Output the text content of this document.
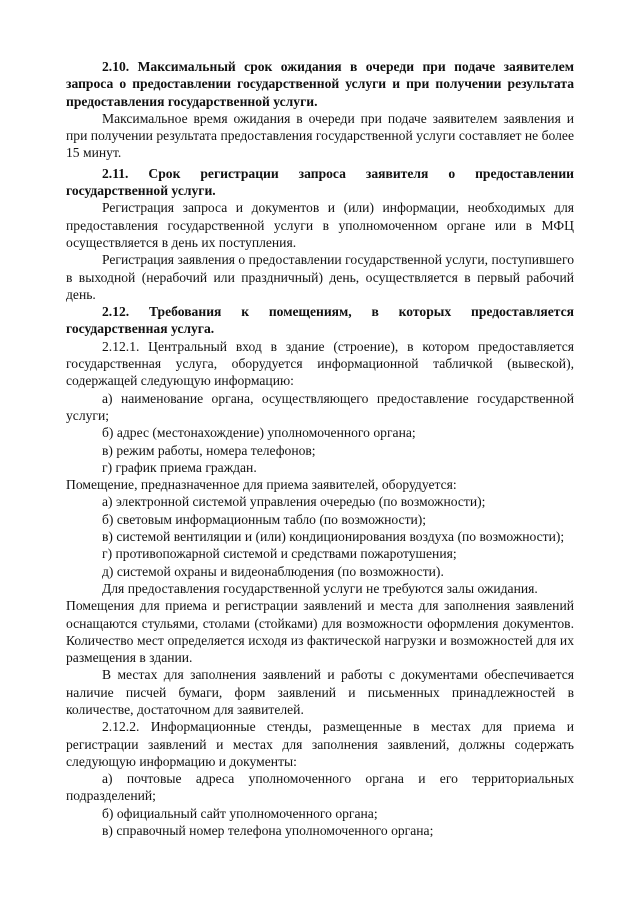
2.10. Максимальный срок ожидания в очереди при подаче заявителем запроса о предоставлении государственной услуги и при получении результата предоставления государственной услуги.

Максимальное время ожидания в очереди при подаче заявителем заявления и при получении результата предоставления государственной услуги составляет не более 15 минут.

2.11. Срок регистрации запроса заявителя о предоставлении государственной услуги.

Регистрация запроса и документов и (или) информации, необходимых для предоставления государственной услуги в уполномоченном органе или в МФЦ осуществляется в день их поступления.

Регистрация заявления о предоставлении государственной услуги, поступившего в выходной (нерабочий или праздничный) день, осуществляется в первый рабочий день.

2.12. Требования к помещениям, в которых предоставляется государственная услуга.

2.12.1. Центральный вход в здание (строение), в котором предоставляется государственная услуга, оборудуется информационной табличкой (вывеской), содержащей следующую информацию:

а) наименование органа, осуществляющего предоставление государственной услуги;

б) адрес (местонахождение) уполномоченного органа;

в) режим работы, номера телефонов;

г) график приема граждан.

Помещение, предназначенное для приема заявителей, оборудуется:

а) электронной системой управления очередью (по возможности);

б) световым информационным табло (по возможности);

в) системой вентиляции и (или) кондиционирования воздуха (по возможности);

г) противопожарной системой и средствами пожаротушения;

д) системой охраны и видеонаблюдения (по возможности).

Для предоставления государственной услуги не требуются залы ожидания.

Помещения для приема и регистрации заявлений и места для заполнения заявлений оснащаются стульями, столами (стойками) для возможности оформления документов. Количество мест определяется исходя из фактической нагрузки и возможностей для их размещения в здании.

В местах для заполнения заявлений и работы с документами обеспечивается наличие писчей бумаги, форм заявлений и письменных принадлежностей в количестве, достаточном для заявителей.

2.12.2. Информационные стенды, размещенные в местах для приема и регистрации заявлений и местах для заполнения заявлений, должны содержать следующую информацию и документы:

а) почтовые адреса уполномоченного органа и его территориальных подразделений;

б) официальный сайт уполномоченного органа;

в) справочный номер телефона уполномоченного органа;
